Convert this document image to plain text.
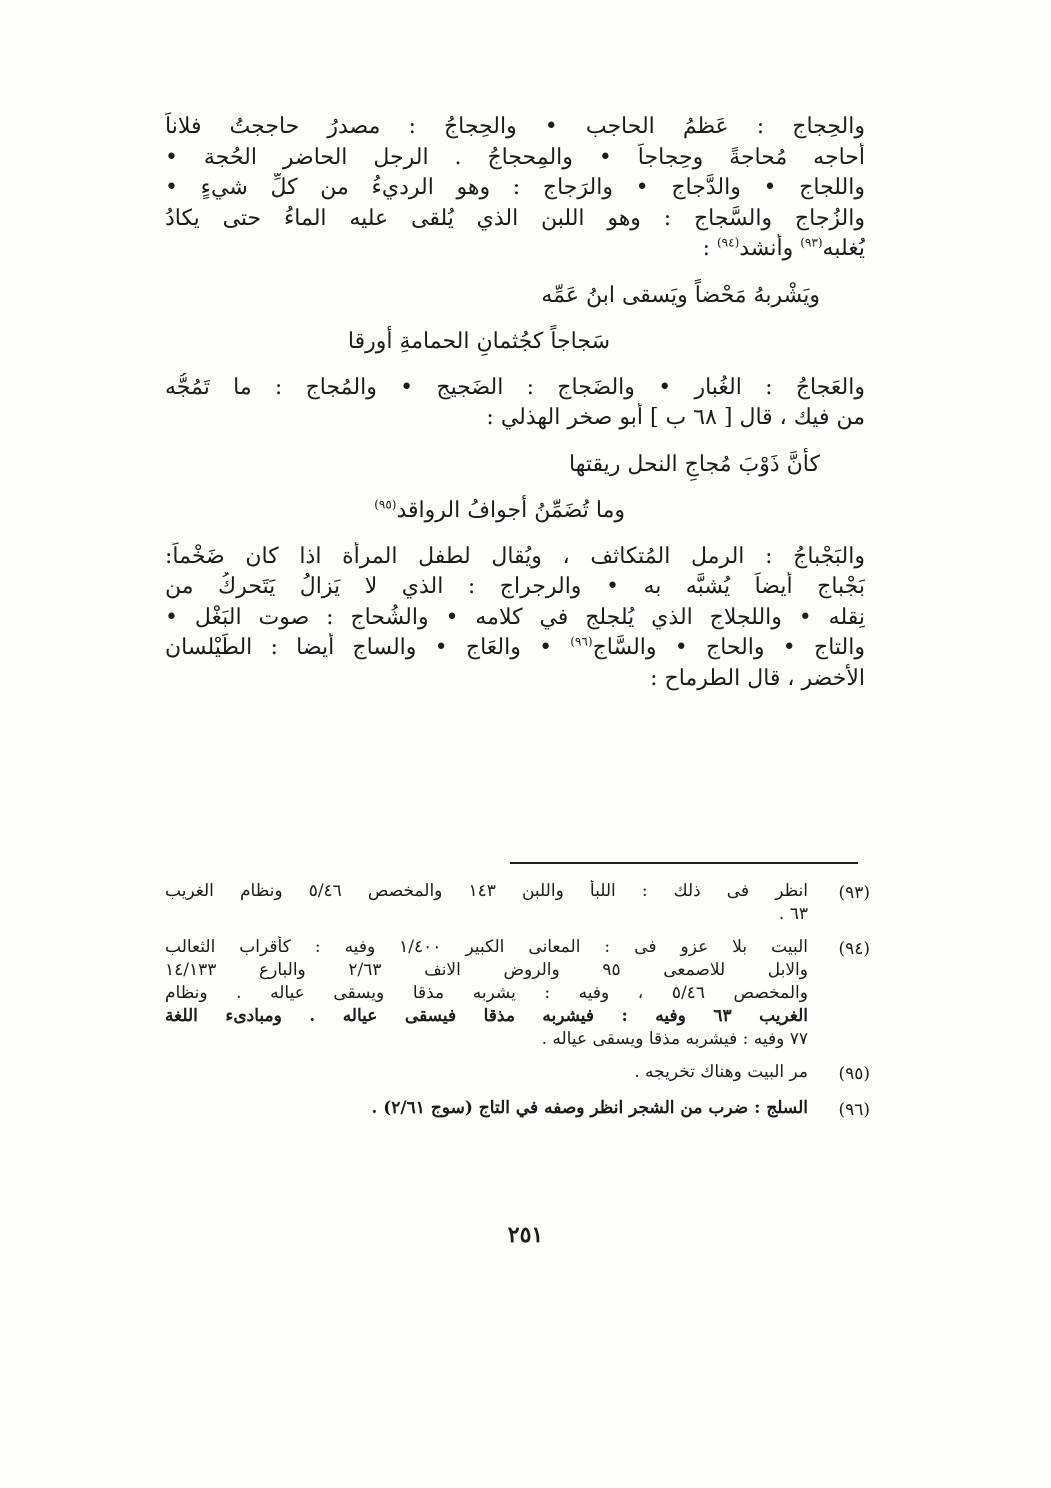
والحِجاج : عَظمُ الحاجب • والحِجاجُ : مصدرُ حاججتُ فلاناً
أُحاجه مُحاجةً وحِجاجاً • والمِحجاجُ . الرجل الحاضر الحُجة •
واللجاج • والدَّجاج • والرَجاج : وهو الرديءُ من كلِّ شيءٍ •
والزُجاج والسَّجاج : وهو اللبن الذي يُلقى عليه الماءُ حتى يكادُ
يُغلبه$^{(٩٣)}$ وأنشد$^{(٩٤)}$ :
ويَشْربهُ مَحْضاً ويَسقى ابنُ عَمِّه
سَجاجاً كجُثمانِ الحمامةِ أورقا
والعَجاجُ : الغُبار • والضَجاج : الضَجيج • والمُجاج : ما تَمُجُّه
من فيك ، قال [ ٦٨ ب ] أبو صخر الهذلي :
كأنَّ ذَوْبَ مُجاجِ النحل ريقتها
وما تُضَمِّنُ أجوافُ الرواقد$^{(٩٥)}$
والبَجْباجُ : الرمل المُتكاثف ، ويُقال لطفل المرأة اذا كان ضَخْماً:
بَجْباج أيضاً يُشبَّه به • والرجراج : الذي لا يَزالُ يَتَحركُ من
نِقله • واللجلاج الذي يُلجلج في كلامه • والشُحاج : صوت البَغْل •
والتاج • والحاج • والسَّاج$^{(٩٦)}$ • والعَاج • والساج أيضا : الطَيْلسان
الأخضر ، قال الطرماح :
(٩٣)
انظر فى ذلك : اللبأ واللبن ١٤٣ والمخصص ٥/٤٦ ونظام الغريب
٦٣ .
(٩٤)
البيت بلا عزو فى : المعانى الكبير ١/٤٠٠ وفيه : كأقراب الثعالب
والابل للاصمعى ٩٥ والروض الانف ٢/٦٣ والبارع ١٤/١٣٣
والمخصص ٥/٤٦ ، وفيه : يشربه مذقا ويسقى عياله . ونظام
الغريب ٦٣ وفيه : فيشربه مذقا فيسقى عياله . ومبادىء اللغة
٧٧ وفيه : فيشربه مذقا ويسقى عياله .
(٩٥)
مر البيت وهناك تخريجه .
(٩٦)
السلج : ضرب من الشجر انظر وصفه في التاج (سوج ٢/٦١) .
٢٥١
